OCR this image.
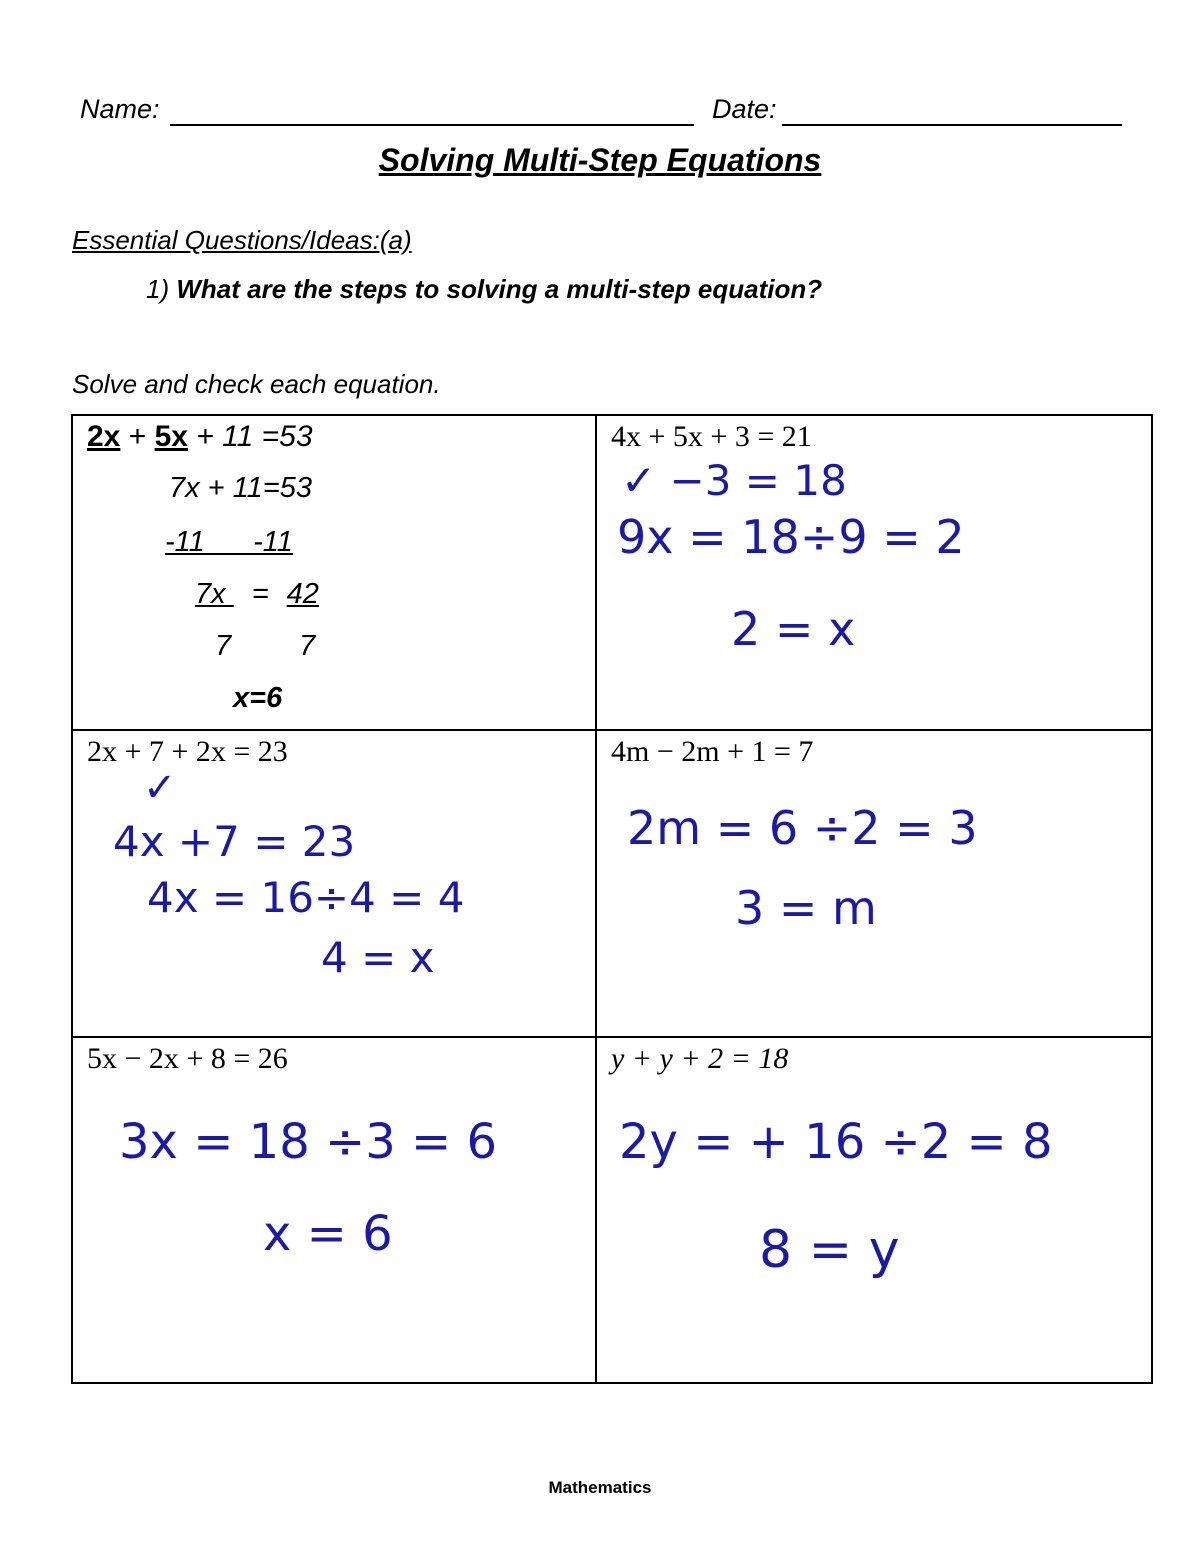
Name:	Date:
Solving Multi-Step Equations
Essential Questions/Ideas:(a)
1) What are the steps to solving a multi-step equation?
Solve and check each equation.
2x + 5x + 11 =53
7x + 11=53
-11      -11
7x = 42
7 7
x=6
4x + 5x + 3 = 21
✓ −3 = 18
9x = 18÷9 = 2
2 = x
2x + 7 + 2x = 23
✓
4x +7 = 23
4x = 16÷4 = 4
4 = x
4m − 2m + 1 = 7
2m = 6 ÷2 = 3
3 = m
5x − 2x + 8 = 26
3x = 18 ÷3 = 6
x = 6
y + y + 2 = 18
2y = + 16 ÷2 = 8
8 = y
Mathematics
